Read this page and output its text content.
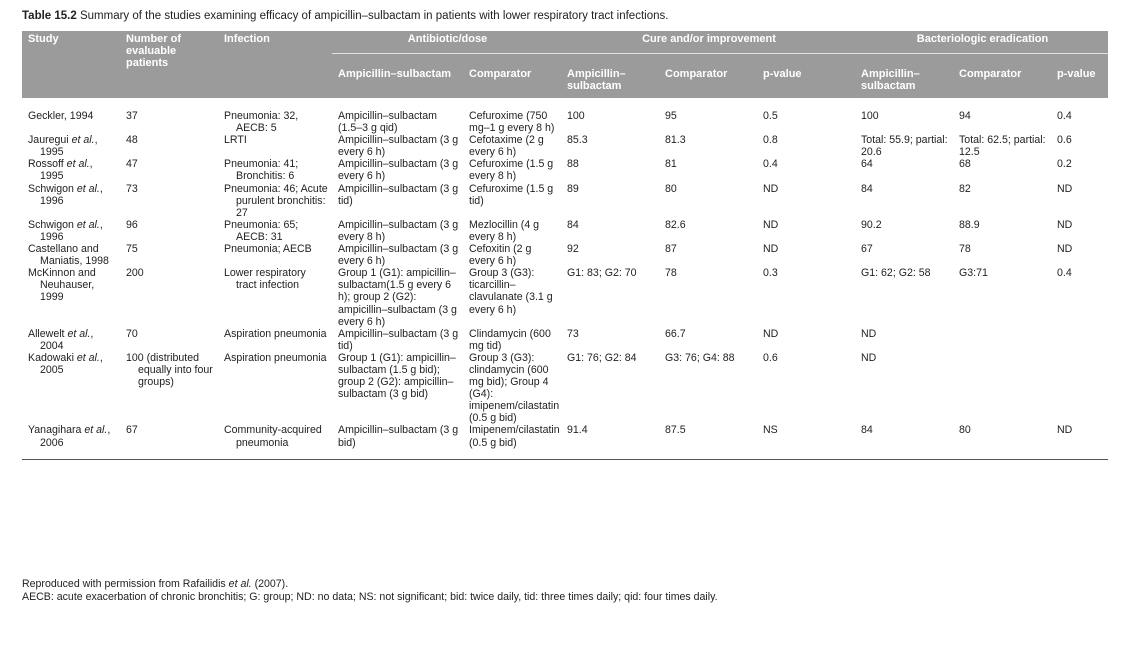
Table 15.2 Summary of the studies examining efficacy of ampicillin–sulbactam in patients with lower respiratory tract infections.
Study	Number of evaluable patients	Infection	Antibiotic/dose		Cure and/or improvement			Bacteriologic eradication		
			Ampicillin–sulbactam	Comparator	Ampicillin–sulbactam	Comparator	p-value	Ampicillin–sulbactam	Comparator	p-value

Geckler, 1994	37	Pneumonia: 32, AECB: 5	Ampicillin–sulbactam (1.5–3 g qid)	Cefuroxime (750 mg–1 g every 8 h)	100	95	0.5	100	94	0.4

Jauregui et al., 1995	48	LRTI	Ampicillin–sulbactam (3 g every 6 h)	Cefotaxime (2 g every 6 h)	85.3	81.3	0.8	Total: 55.9; partial: 20.6	Total: 62.5; partial: 12.5	0.6

Rossoff et al., 1995	47	Pneumonia: 41; Bronchitis: 6	Ampicillin–sulbactam (3 g every 6 h)	Cefuroxime (1.5 g every 8 h)	88	81	0.4	64	68	0.2

Schwigon et al., 1996	73	Pneumonia: 46; Acute purulent bronchitis: 27	Ampicillin–sulbactam (3 g tid)	Cefuroxime (1.5 g tid)	89	80	ND	84	82	ND

Schwigon et al., 1996	96	Pneumonia: 65; AECB: 31	Ampicillin–sulbactam (3 g every 8 h)	Mezlocillin (4 g every 8 h)	84	82.6	ND	90.2	88.9	ND

Castellano and Maniatis, 1998	75	Pneumonia; AECB	Ampicillin–sulbactam (3 g every 6 h)	Cefoxitin (2 g every 6 h)	92	87	ND	67	78	ND

McKinnon and Neuhauser, 1999	200	Lower respiratory tract infection	Group 1 (G1): ampicillin–sulbactam(1.5 g every 6 h); group 2 (G2): ampicillin–sulbactam (3 g every 6 h)	Group 3 (G3): ticarcillin–clavulanate (3.1 g every 6 h)	G1: 83; G2: 70	78	0.3	G1: 62; G2: 58	G3:71	0.4

Allewelt et al., 2004	70	Aspiration pneumonia	Ampicillin–sulbactam (3 g tid)	Clindamycin (600 mg tid)	73	66.7	ND	ND		

Kadowaki et al., 2005	100 (distributed equally into four groups)	Aspiration pneumonia	Group 1 (G1): ampicillin–sulbactam (1.5 g bid); group 2 (G2): ampicillin–sulbactam (3 g bid)	Group 3 (G3): clindamycin (600 mg bid); Group 4 (G4): imipenem/cilastatin (0.5 g bid)	G1: 76; G2: 84	G3: 76; G4: 88	0.6	ND		

Yanagihara et al., 2006	67	Community-acquired pneumonia	Ampicillin–sulbactam (3 g bid)	Imipenem/cilastatin (0.5 g bid)	91.4	87.5	NS	84	80	ND
Reproduced with permission from Rafailidis et al. (2007).
AECB: acute exacerbation of chronic bronchitis; G: group; ND: no data; NS: not significant; bid: twice daily, tid: three times daily; qid: four times daily.
